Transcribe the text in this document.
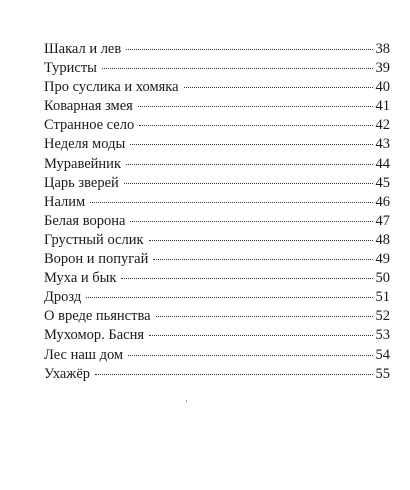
Шакал и лев	38
Туристы	39
Про суслика и хомяка	40
Коварная змея	41
Странное село	42
Неделя моды	43
Муравейник	44
Царь зверей	45
Налим	46
Белая ворона	47
Грустный ослик	48
Ворон и попугай	49
Муха и бык	50
Дрозд	51
О вреде пьянства	52
Мухомор. Басня	53
Лес наш дом	54
Ухажёр	55
